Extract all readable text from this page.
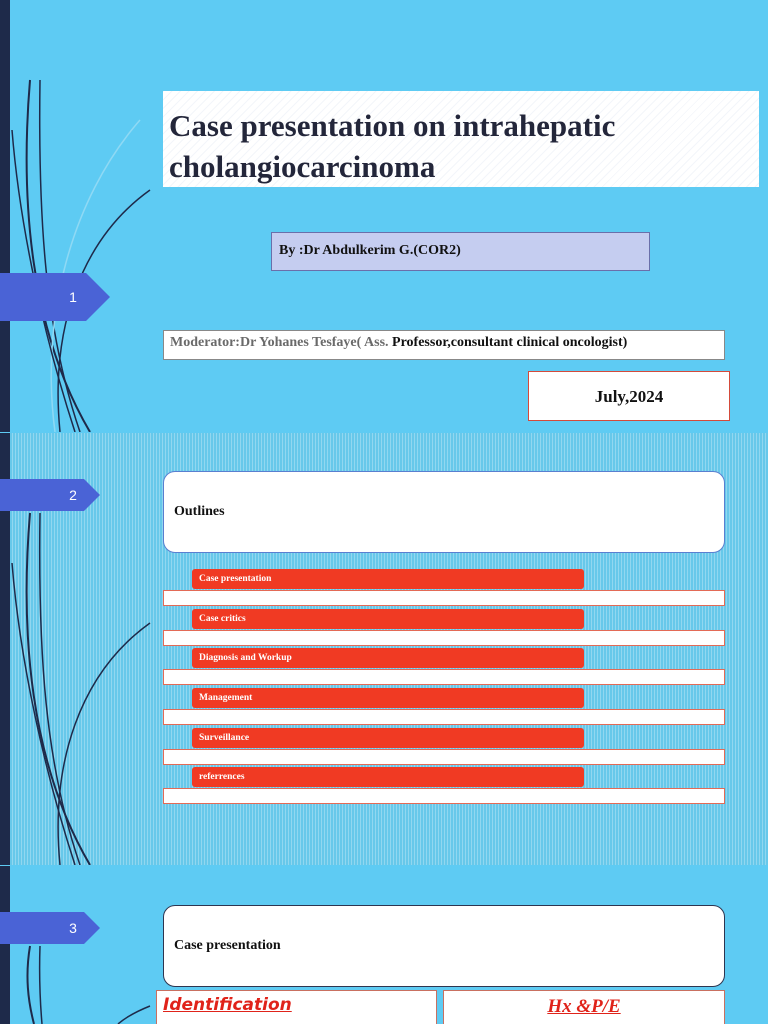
1
Case presentation on intrahepatic cholangiocarcinoma
By :Dr Abdulkerim G.(COR2)
Moderator:Dr Yohanes Tesfaye( Ass. Professor,consultant clinical oncologist)
July,2024
2
Outlines
Case presentation
Case critics
Diagnosis and Workup
Management
Surveillance
referrences
3
Case presentation
Identification	Hx &P/E
